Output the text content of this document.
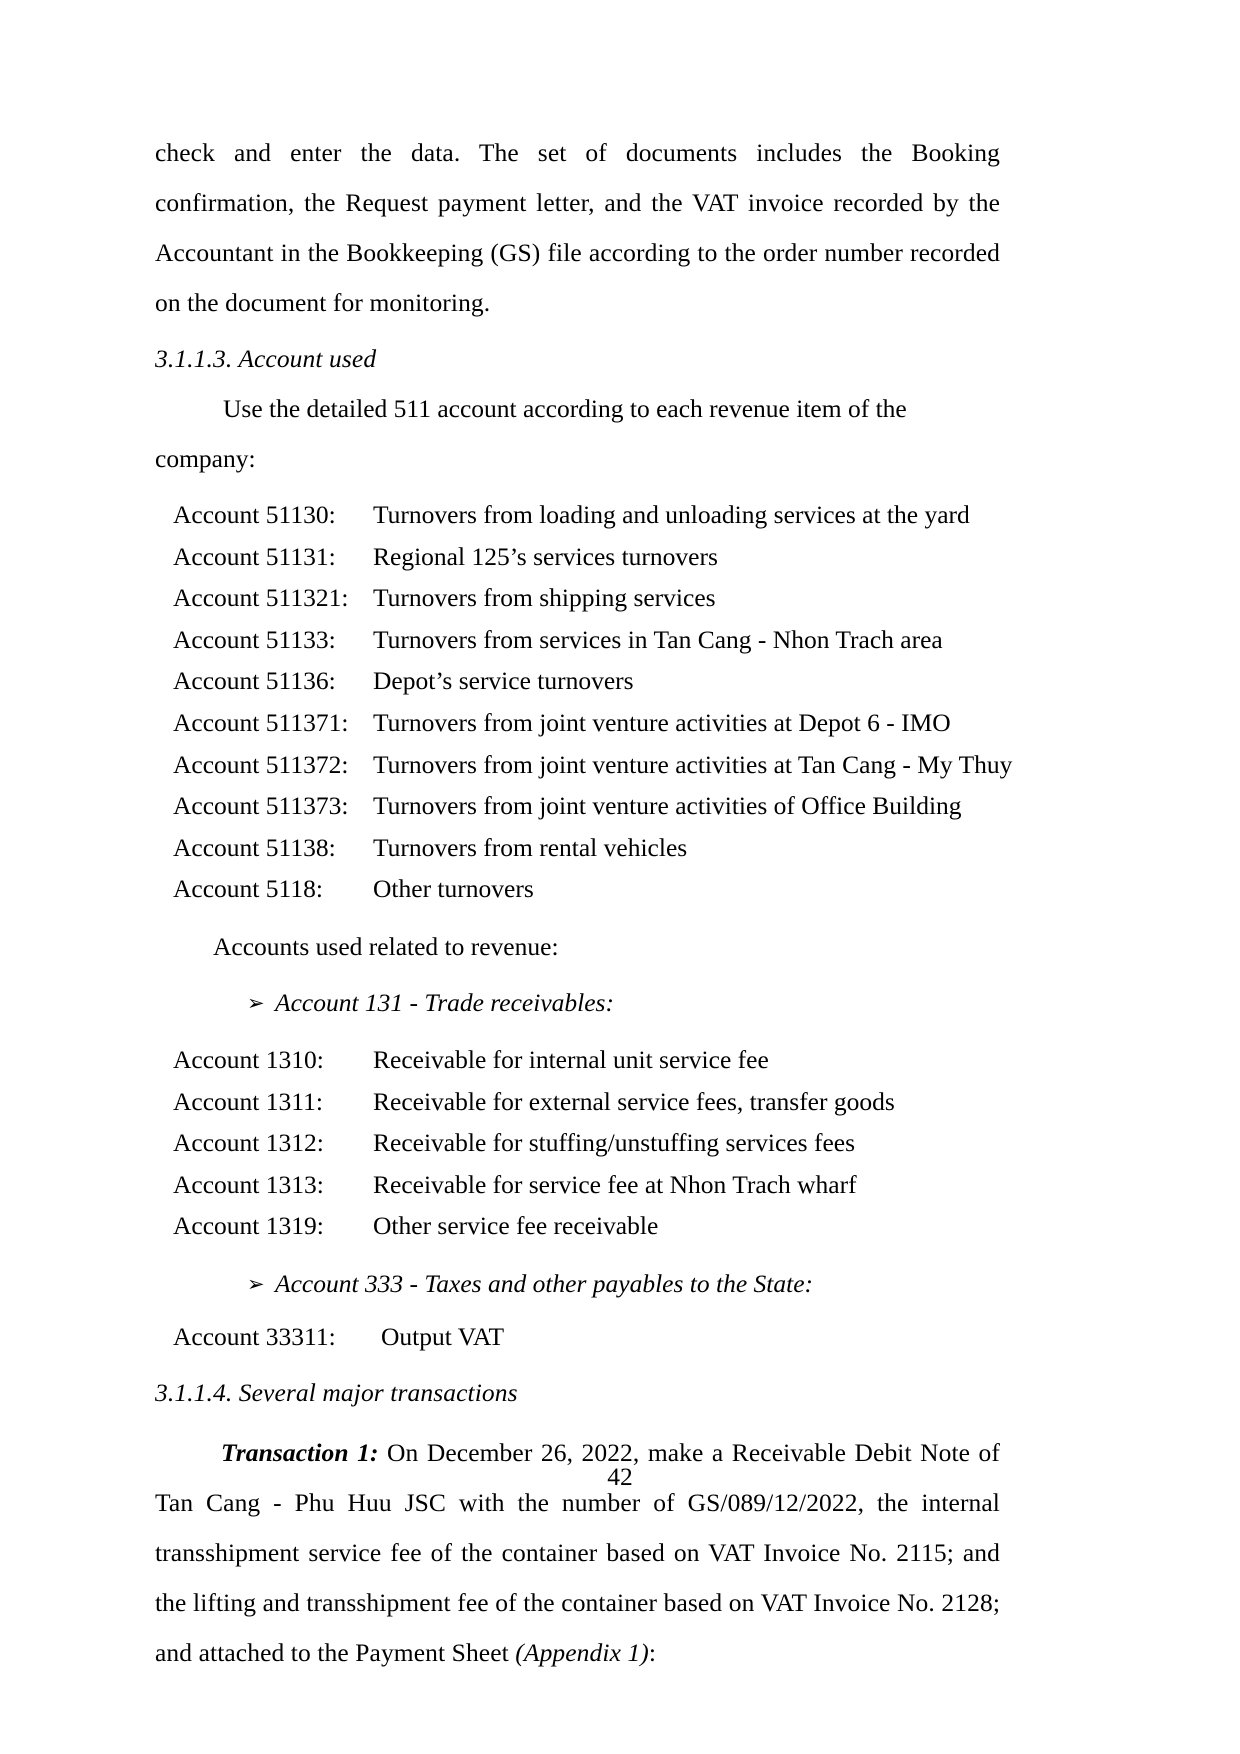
check and enter the data. The set of documents includes the Booking confirmation, the Request payment letter, and the VAT invoice recorded by the Accountant in the Bookkeeping (GS) file according to the order number recorded on the document for monitoring.

3.1.1.3. Account used

Use the detailed 511 account according to each revenue item of the company:

Account 51130:	Turnovers from loading and unloading services at the yard
Account 51131:	Regional 125’s services turnovers
Account 511321: Turnovers from shipping services
Account 51133:	Turnovers from services in Tan Cang - Nhon Trach area
Account 51136:	Depot’s service turnovers
Account 511371: Turnovers from joint venture activities at Depot 6 - IMO
Account 511372: Turnovers from joint venture activities at Tan Cang - My Thuy
Account 511373: Turnovers from joint venture activities of Office Building
Account 51138:	Turnovers from rental vehicles
Account 5118:	Other turnovers

Accounts used related to revenue:

➢ Account 131 - Trade receivables:
Account 1310:	Receivable for internal unit service fee
Account 1311:	Receivable for external service fees, transfer goods
Account 1312:	Receivable for stuffing/unstuffing services fees
Account 1313:	Receivable for service fee at Nhon Trach wharf
Account 1319:	Other service fee receivable
➢ Account 333 - Taxes and other payables to the State:
Account 33311:	Output VAT

3.1.1.4. Several major transactions

Transaction 1: On December 26, 2022, make a Receivable Debit Note of Tan Cang - Phu Huu JSC with the number of GS/089/12/2022, the internal transshipment service fee of the container based on VAT Invoice No. 2115; and the lifting and transshipment fee of the container based on VAT Invoice No. 2128; and attached to the Payment Sheet (Appendix 1):

42
